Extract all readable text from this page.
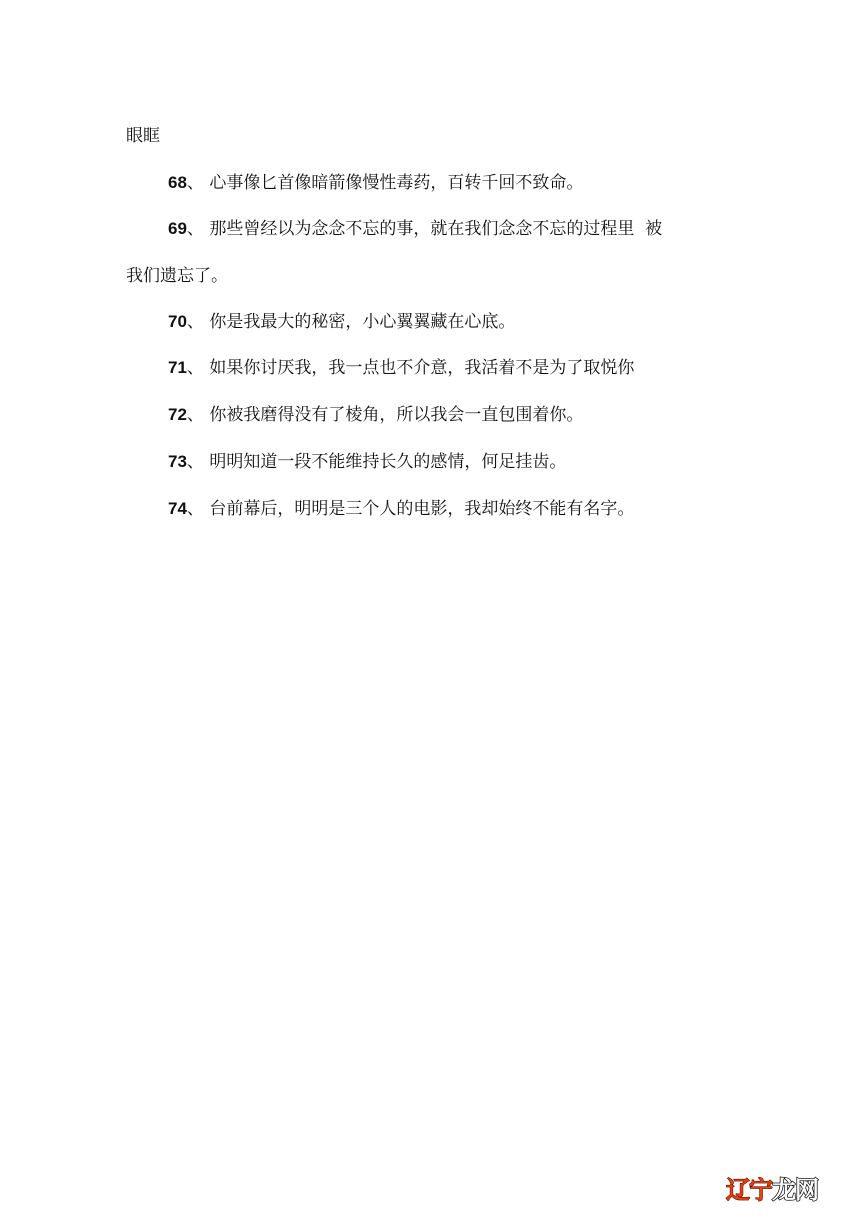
眼眶
68、 心事像匕首像暗箭像慢性毒药，百转千回不致命。
69、 那些曾经以为念念不忘的事，就在我们念念不忘的过程里  被
我们遗忘了。
70、 你是我最大的秘密，小心翼翼藏在心底。
71、 如果你讨厌我，我一点也不介意，我活着不是为了取悦你
72、 你被我磨得没有了棱角，所以我会一直包围着你。
73、 明明知道一段不能维持长久的感情，何足挂齿。
74、 台前幕后，明明是三个人的电影，我却始终不能有名字。
辽宁龙网
